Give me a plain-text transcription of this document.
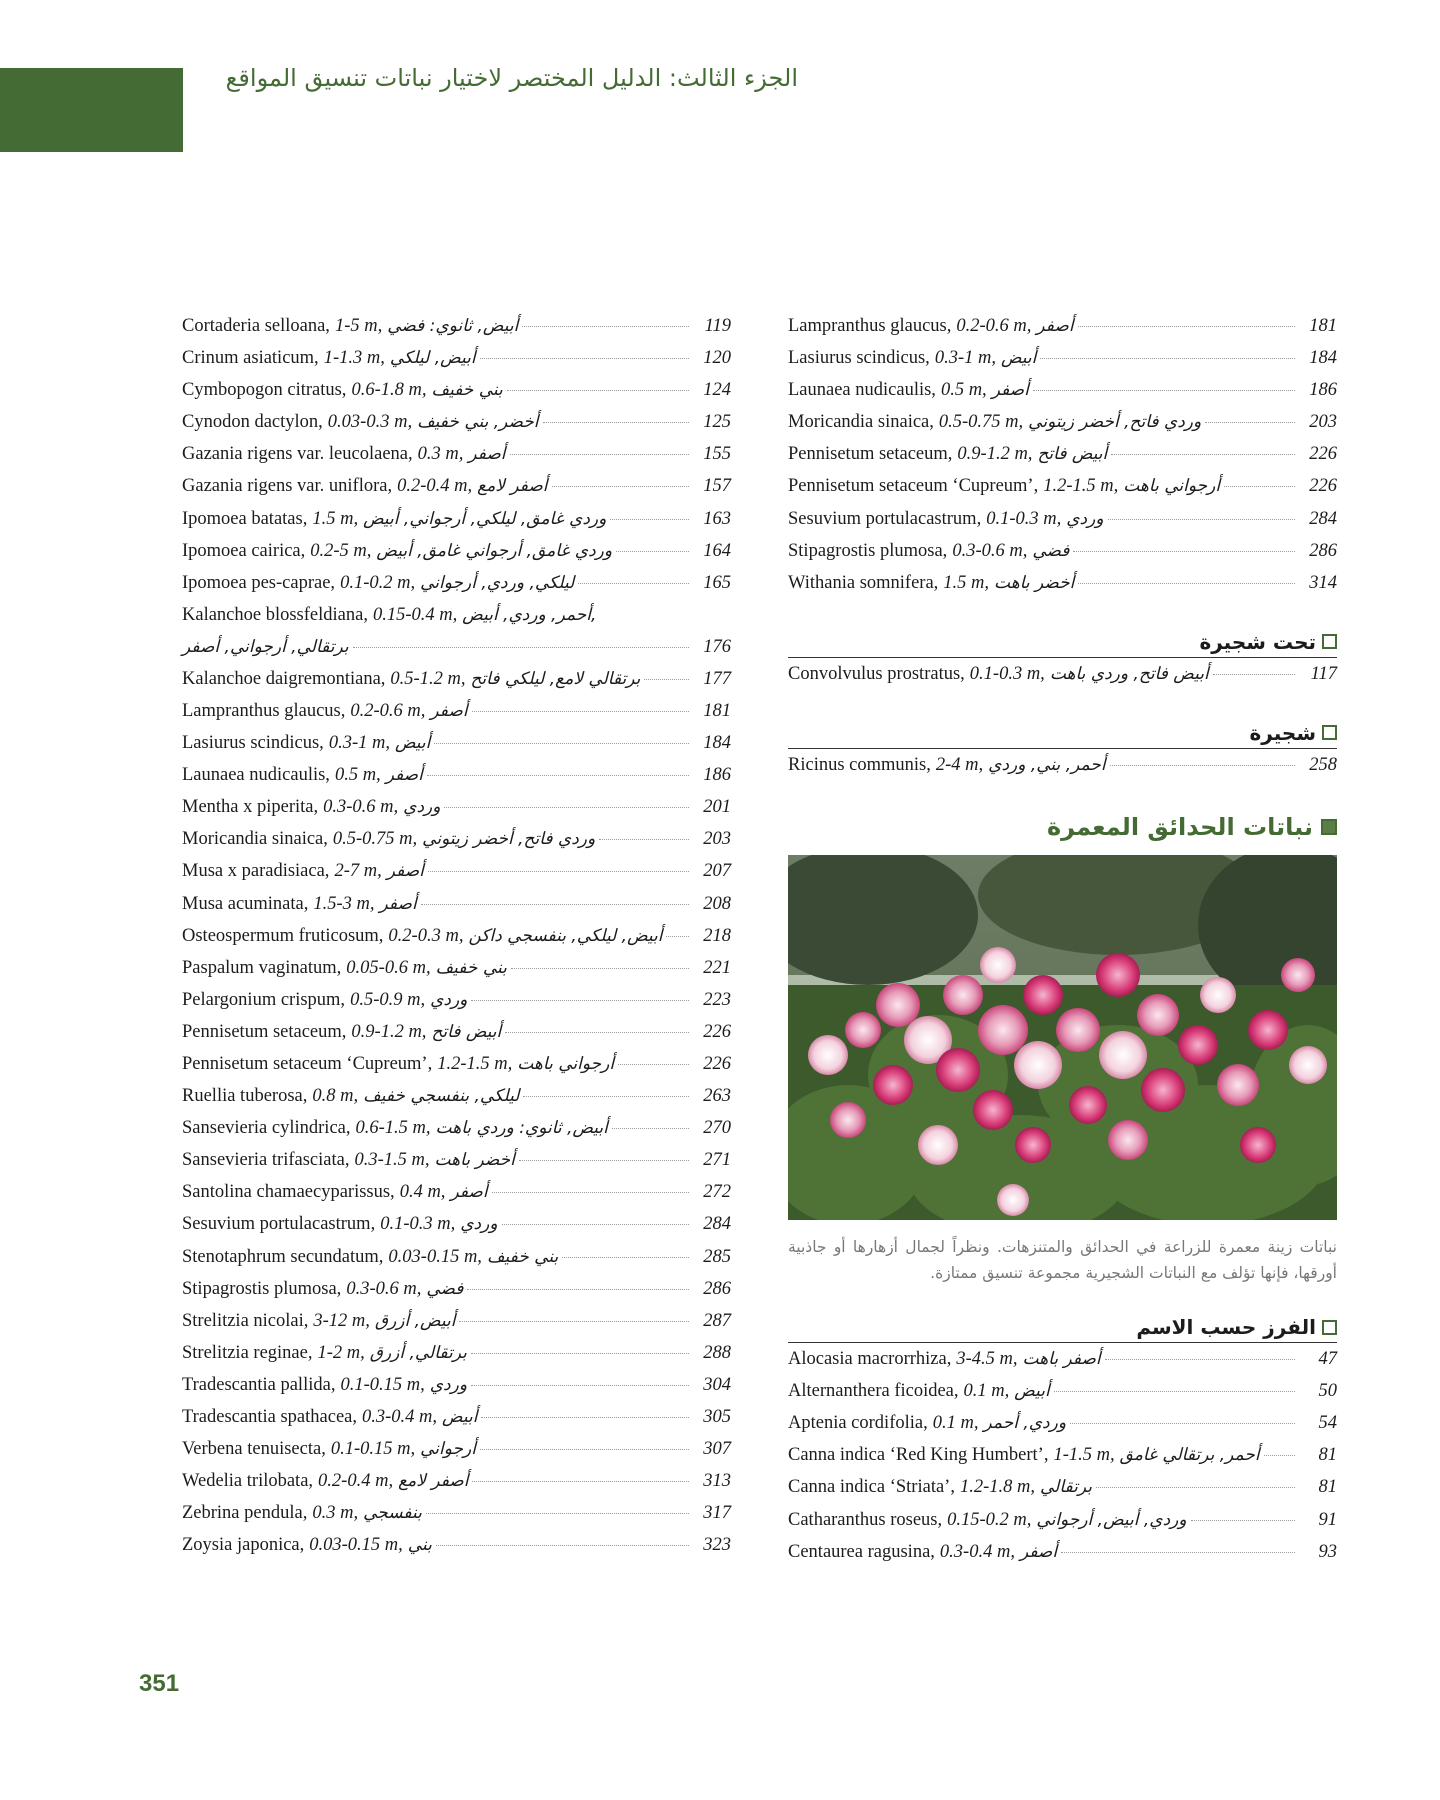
الجزء الثالث: الدليل المختصر لاختيار نباتات تنسيق المواقع
Cortaderia selloana, 1-5 m, أبيض, ثانوي: فضي	119
Crinum asiaticum, 1-1.3 m, أبيض, ليلكي	120
Cymbopogon citratus, 0.6-1.8 m, بني خفيف	124
Cynodon dactylon, 0.03-0.3 m, أخضر, بني خفيف	125
Gazania rigens var. leucolaena, 0.3 m, أصفر	155
Gazania rigens var. uniflora, 0.2-0.4 m, أصفر لامع	157
Ipomoea batatas, 1.5 m, وردي غامق, ليلكي, أرجواني, أبيض	163
Ipomoea cairica, 0.2-5 m, وردي غامق, أرجواني غامق, أبيض	164
Ipomoea pes-caprae, 0.1-0.2 m, ليلكي, وردي, أرجواني	165
Kalanchoe blossfeldiana, 0.15-0.4 m, أحمر, وردي, أبيض,
برتقالي, أرجواني, أصفر	176
Kalanchoe daigremontiana, 0.5-1.2 m, برتقالي لامع, ليلكي فاتح	177
Lampranthus glaucus, 0.2-0.6 m, أصفر	181
Lasiurus scindicus, 0.3-1 m, أبيض	184
Launaea nudicaulis, 0.5 m, أصفر	186
Mentha x piperita, 0.3-0.6 m, وردي	201
Moricandia sinaica, 0.5-0.75 m, وردي فاتح, أخضر زيتوني	203
Musa x paradisiaca, 2-7 m, أصفر	207
Musa acuminata, 1.5-3 m, أصفر	208
Osteospermum fruticosum, 0.2-0.3 m, أبيض, ليلكي, بنفسجي داكن	218
Paspalum vaginatum, 0.05-0.6 m, بني خفيف	221
Pelargonium crispum, 0.5-0.9 m, وردي	223
Pennisetum setaceum, 0.9-1.2 m, أبيض فاتح	226
Pennisetum setaceum ‘Cupreum’, 1.2-1.5 m, أرجواني باهت	226
Ruellia tuberosa, 0.8 m, ليلكي, بنفسجي خفيف	263
Sansevieria cylindrica, 0.6-1.5 m, أبيض, ثانوي: وردي باهت	270
Sansevieria trifasciata, 0.3-1.5 m, أخضر باهت	271
Santolina chamaecyparissus, 0.4 m, أصفر	272
Sesuvium portulacastrum, 0.1-0.3 m, وردي	284
Stenotaphrum secundatum, 0.03-0.15 m, بني خفيف	285
Stipagrostis plumosa, 0.3-0.6 m, فضي	286
Strelitzia nicolai, 3-12 m, أبيض, أزرق	287
Strelitzia reginae, 1-2 m, برتقالي, أزرق	288
Tradescantia pallida, 0.1-0.15 m, وردي	304
Tradescantia spathacea, 0.3-0.4 m, أبيض	305
Verbena tenuisecta, 0.1-0.15 m, أرجواني	307
Wedelia trilobata, 0.2-0.4 m, أصفر لامع	313
Zebrina pendula, 0.3 m, بنفسجي	317
Zoysia japonica, 0.03-0.15 m, بني	323
Lampranthus glaucus, 0.2-0.6 m, أصفر	181
Lasiurus scindicus, 0.3-1 m, أبيض	184
Launaea nudicaulis, 0.5 m, أصفر	186
Moricandia sinaica, 0.5-0.75 m, وردي فاتح, أخضر زيتوني	203
Pennisetum setaceum, 0.9-1.2 m, أبيض فاتح	226
Pennisetum setaceum ‘Cupreum’, 1.2-1.5 m, أرجواني باهت	226
Sesuvium portulacastrum, 0.1-0.3 m, وردي	284
Stipagrostis plumosa, 0.3-0.6 m, فضي	286
Withania somnifera, 1.5 m, أخضر باهت	314
تحت شجيرة
Convolvulus prostratus, 0.1-0.3 m, أبيض فاتح, وردي باهت	117
شجيرة
Ricinus communis, 2-4 m, أحمر, بني, وردي	258
نباتات الحدائق المعمرة
نباتات زينة معمرة للزراعة في الحدائق والمتنزهات. ونظراً لجمال أزهارها أو جاذبية أورقها، فإنها تؤلف مع النباتات الشجيرية مجموعة تنسيق ممتازة.
الفرز حسب الاسم
Alocasia macrorrhiza, 3-4.5 m, أصفر باهت	47
Alternanthera ficoidea, 0.1 m, أبيض	50
Aptenia cordifolia, 0.1 m, وردي, أحمر	54
Canna indica ‘Red King Humbert’, 1-1.5 m, أحمر, برتقالي غامق	81
Canna indica ‘Striata’, 1.2-1.8 m, برتقالي	81
Catharanthus roseus, 0.15-0.2 m, وردي, أبيض, أرجواني	91
Centaurea ragusina, 0.3-0.4 m, أصفر	93
351
